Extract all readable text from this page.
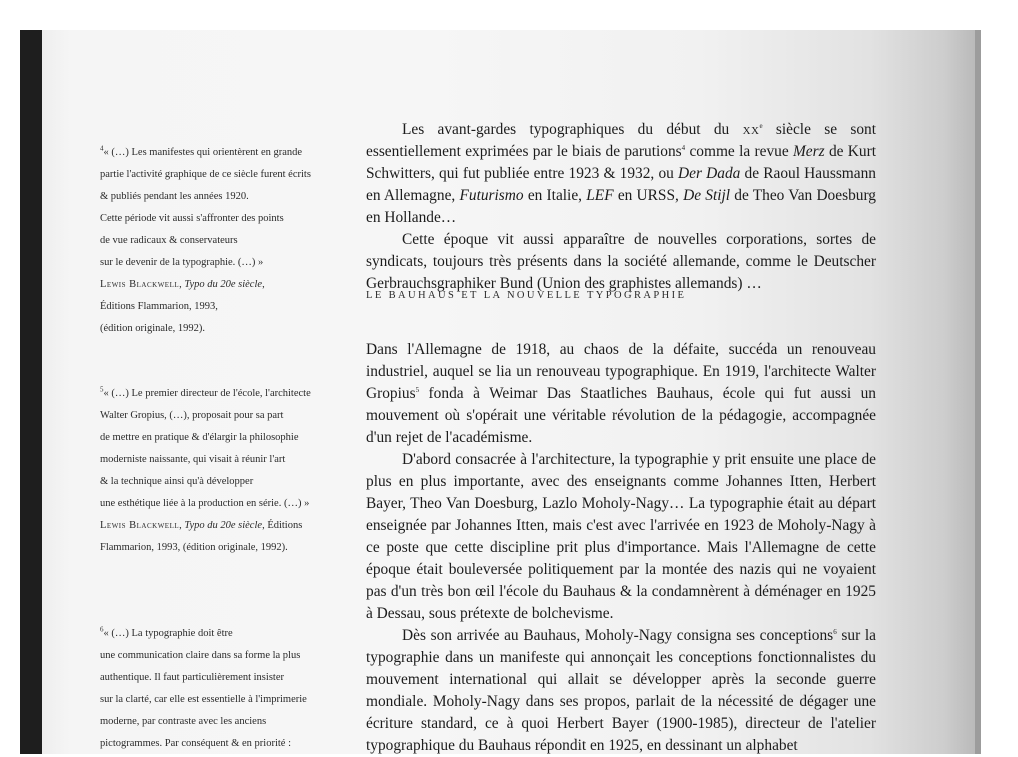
$^4$« (…) Les manifestes qui orientèrent en grande
partie l'activité graphique de ce siècle furent écrits
& publiés pendant les années 1920.
Cette période vit aussi s'affronter des points
de vue radicaux & conservateurs
sur le devenir de la typographie. (…) »
Lewis Blackwell, Typo du 20e siècle,
Éditions Flammarion, 1993,
(édition originale, 1992).
$^5$« (…) Le premier directeur de l'école, l'architecte
Walter Gropius, (…), proposait pour sa part
de mettre en pratique & d'élargir la philosophie
moderniste naissante, qui visait à réunir l'art
& la technique ainsi qu'à développer
une esthétique liée à la production en série. (…) »
Lewis Blackwell, Typo du 20e siècle, Éditions
Flammarion, 1993, (édition originale, 1992).
$^6$« (…) La typographie doit être
une communication claire dans sa forme la plus
authentique. Il faut particulièrement insister
sur la clarté, car elle est essentielle à l'imprimerie
moderne, par contraste avec les anciens
pictogrammes. Par conséquent & en priorité :

Les avant-gardes typographiques du début du $xx^e$ siècle se sont essentiellement exprimées par le biais de parutions$^4$ comme la revue Merz de Kurt Schwitters, qui fut publiée entre 1923 & 1932, ou Der Dada de Raoul Haussmann en Allemagne, Futurismo en Italie, LEF en URSS, De Stijl de Theo Van Doesburg en Hollande…

Cette époque vit aussi apparaître de nouvelles corporations, sortes de syndicats, toujours très présents dans la société allemande, comme le Deutscher Gerbrauchsgraphiker Bund (Union des graphistes allemands) …

LE BAUHAUS ET LA NOUVELLE TYPOGRAPHIE

Dans l'Allemagne de 1918, au chaos de la défaite, succéda un renouveau industriel, auquel se lia un renouveau typographique. En 1919, l'architecte Walter Gropius$^5$ fonda à Weimar Das Staatliches Bauhaus, école qui fut aussi un mouvement où s'opérait une véritable révolution de la pédagogie, accompagnée d'un rejet de l'académisme.

D'abord consacrée à l'architecture, la typographie y prit ensuite une place de plus en plus importante, avec des enseignants comme Johannes Itten, Herbert Bayer, Theo Van Doesburg, Lazlo Moholy-Nagy… La typographie était au départ enseignée par Johannes Itten, mais c'est avec l'arrivée en 1923 de Moholy-Nagy à ce poste que cette discipline prit plus d'importance. Mais l'Allemagne de cette époque était bouleversée politiquement par la montée des nazis qui ne voyaient pas d'un très bon œil l'école du Bauhaus & la condamnèrent à déménager en 1925 à Dessau, sous prétexte de bolchevisme.

Dès son arrivée au Bauhaus, Moholy-Nagy consigna ses conceptions$^6$ sur la typographie dans un manifeste qui annonçait les conceptions fonctionnalistes du mouvement international qui allait se développer après la seconde guerre mondiale. Moholy-Nagy dans ses propos, parlait de la nécessité de dégager une écriture standard, ce à quoi Herbert Bayer (1900-1985), directeur de l'atelier typographique du Bauhaus répondit en 1925, en dessinant un alphabet
